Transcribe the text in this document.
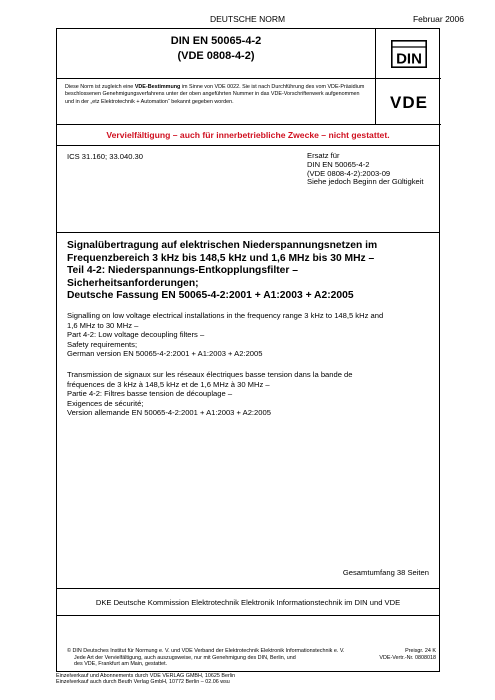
DEUTSCHE NORM	Februar 2006
DIN EN 50065-4-2
(VDE 0808-4-2)	DIN
Diese Norm ist zugleich eine VDE-Bestimmung im Sinne von VDE 0022. Sie ist nach Durchführung des vom VDE-Präsidium beschlossenen Genehmigungsverfahrens unter der oben angeführten Nummer in das VDE-Vorschriftenwerk aufgenommen und in der „etz Elektrotechnik + Automation“ bekannt gegeben worden.	VDE
Vervielfältigung – auch für innerbetriebliche Zwecke – nicht gestattet.
ICS 31.160; 33.040.30	Ersatz für
DIN EN 50065-4-2
(VDE 0808-4-2):2003-09
Siehe jedoch Beginn der Gültigkeit
Signalübertragung auf elektrischen Niederspannungsnetzen im
Frequenzbereich 3 kHz bis 148,5 kHz und 1,6 MHz bis 30 MHz –
Teil 4-2: Niederspannungs-Entkopplungsfilter –
Sicherheitsanforderungen;
Deutsche Fassung EN 50065-4-2:2001 + A1:2003 + A2:2005
Signalling on low voltage electrical installations in the frequency range 3 kHz to 148,5 kHz and
1,6 MHz to 30 MHz –
Part 4-2: Low voltage decoupling filters –
Safety requirements;
German version EN 50065-4-2:2001 + A1:2003 + A2:2005
Transmission de signaux sur les réseaux électriques basse tension dans la bande de
fréquences de 3 kHz à 148,5 kHz et de 1,6 MHz à 30 MHz –
Partie 4-2: Filtres basse tension de découplage –
Exigences de sécurité;
Version allemande EN 50065-4-2:2001 + A1:2003 + A2:2005
Gesamtumfang 38 Seiten
DKE Deutsche Kommission Elektrotechnik Elektronik Informationstechnik im DIN und VDE
© DIN Deutsches Institut für Normung e. V. und VDE Verband der Elektrotechnik Elektronik Informationstechnik e. V.
Jede Art der Vervielfältigung, auch auszugsweise, nur mit Genehmigung des DIN, Berlin, und
des VDE, Frankfurt am Main, gestattet.
Preisgr. 24 K
VDE-Vertr.-Nr. 0808018
Einzelverkauf und Abonnements durch VDE VERLAG GMBH, 10625 Berlin
Einzelverkauf auch durch Beuth Verlag GmbH, 10772 Berlin – 02.06 wsu
